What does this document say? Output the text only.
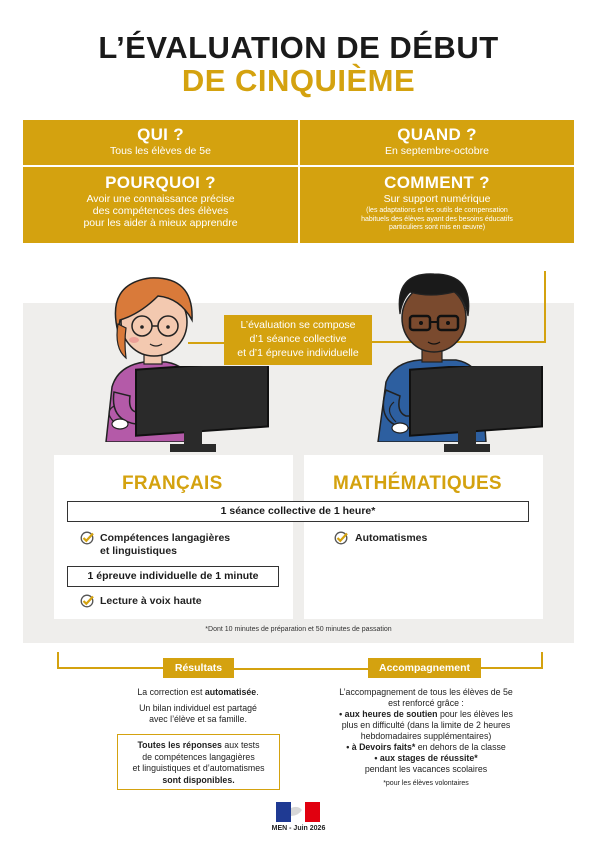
L’ÉVALUATION DE DÉBUT
DE CINQUIÈME
QUI ?

Tous les élèves de 5e

QUAND ?

En septembre-octobre

POURQUOI ?

Avoir une connaissance précise

des compétences des élèves

pour les aider à mieux apprendre

COMMENT ?

Sur support numérique

(les adaptations et les outils de compensation

habituels des élèves ayant des besoins éducatifs

particuliers sont mis en œuvre)

L’évaluation se compose
d’1 séance collective
et d’1 épreuve individuelle
FRANÇAIS	MATHÉMATIQUES
1 séance collective de 1 heure*
Compétences langagières
et linguistiques
1 épreuve individuelle de 1 minute
Lecture à voix haute
Automatismes
*Dont 10 minutes de préparation et 50 minutes de passation
Résultats
La correction est automatisée.
Un bilan individuel est partagé
avec l’élève et sa famille.
Toutes les réponses aux tests
de compétences langagières
et linguistiques et d’automatismes
sont disponibles.
Accompagnement
L’accompagnement de tous les élèves de 5e
est renforcé grâce :
• aux heures de soutien pour les élèves les
plus en difficulté (dans la limite de 2 heures
hebdomadaires supplémentaires)
• à Devoirs faits* en dehors de la classe
• aux stages de réussite*
pendant les vacances scolaires
*pour les élèves volontaires
MEN - Juin 2026
